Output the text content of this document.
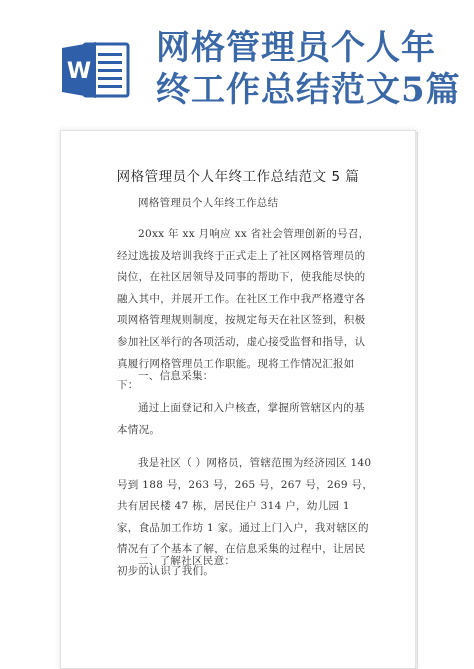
W
网格管理员个人年
终工作总结范文5篇
网格管理员个人年终工作总结范文 5 篇

网格管理员个人年终工作总结

20xx 年 xx 月响应 xx 省社会管理创新的号召，经过选拔及培训我终于正式走上了社区网格管理员的岗位，在社区居领导及同事的帮助下，使我能尽快的融入其中，并展开工作。在社区工作中我严格遵守各项网格管理规则制度，按规定每天在社区签到，积极参加社区举行的各项活动，虚心接受监督和指导，认真履行网格管理员工作职能。现将工作情况汇报如下：

一、信息采集：

通过上面登记和入户核查，掌握所管辖区内的基本情况。

我是社区（ ）网格员，管辖范围为经济园区 140 号到 188 号，263 号，265 号，267 号，269 号，共有居民楼 47 栋，居民住户 314 户，幼儿园 1 家，食品加工作坊 1 家。通过上门入户，我对辖区的情况有了个基本了解，在信息采集的过程中，让居民初步的认识了我们。

二、了解社区民意：
